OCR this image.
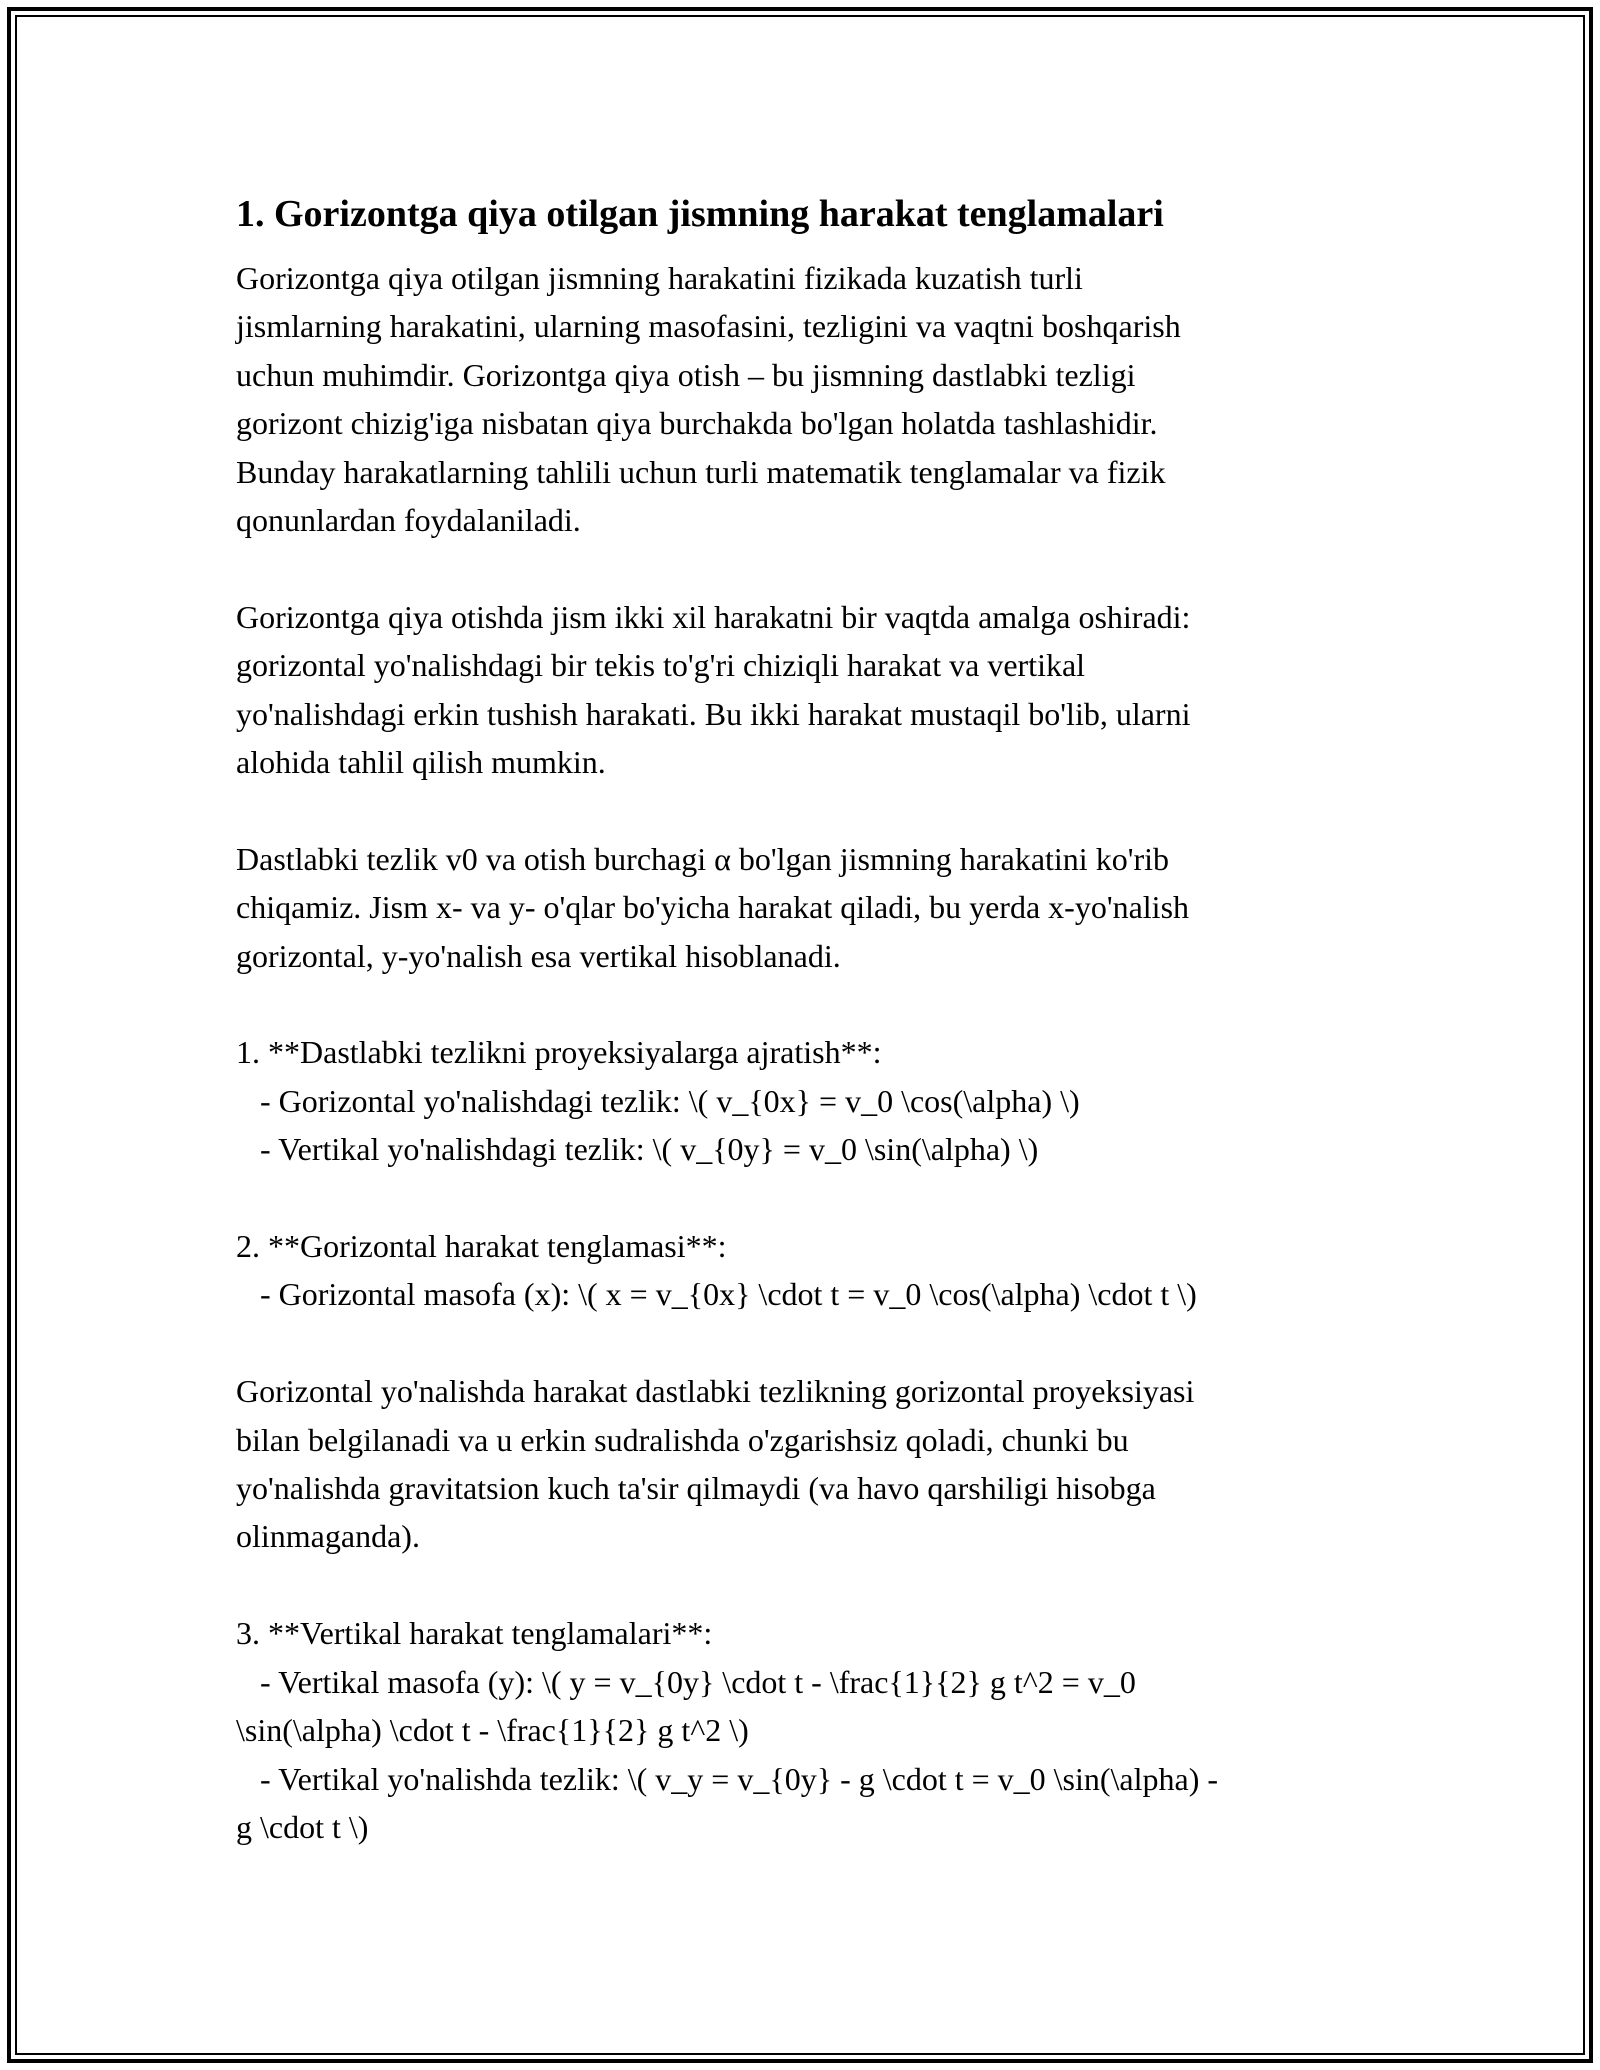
1. Gorizontga qiya otilgan jismning harakat tenglamalari

Gorizontga qiya otilgan jismning harakatini fizikada kuzatish turli
jismlarning harakatini, ularning masofasini, tezligini va vaqtni boshqarish
uchun muhimdir. Gorizontga qiya otish – bu jismning dastlabki tezligi
gorizont chizig'iga nisbatan qiya burchakda bo'lgan holatda tashlashidir.
Bunday harakatlarning tahlili uchun turli matematik tenglamalar va fizik
qonunlardan foydalaniladi.

Gorizontga qiya otishda jism ikki xil harakatni bir vaqtda amalga oshiradi:
gorizontal yo'nalishdagi bir tekis to'g'ri chiziqli harakat va vertikal
yo'nalishdagi erkin tushish harakati. Bu ikki harakat mustaqil bo'lib, ularni
alohida tahlil qilish mumkin.

Dastlabki tezlik v0 va otish burchagi α bo'lgan jismning harakatini ko'rib
chiqamiz. Jism x- va y- o'qlar bo'yicha harakat qiladi, bu yerda x-yo'nalish
gorizontal, y-yo'nalish esa vertikal hisoblanadi.

1. **Dastlabki tezlikni proyeksiyalarga ajratish**:
- Gorizontal yo'nalishdagi tezlik: \( v_{0x} = v_0 \cos(\alpha) \)
- Vertikal yo'nalishdagi tezlik: \( v_{0y} = v_0 \sin(\alpha) \)

2. **Gorizontal harakat tenglamasi**:
- Gorizontal masofa (x): \( x = v_{0x} \cdot t = v_0 \cos(\alpha) \cdot t \)

Gorizontal yo'nalishda harakat dastlabki tezlikning gorizontal proyeksiyasi
bilan belgilanadi va u erkin sudralishda o'zgarishsiz qoladi, chunki bu
yo'nalishda gravitatsion kuch ta'sir qilmaydi (va havo qarshiligi hisobga
olinmaganda).

3. **Vertikal harakat tenglamalari**:
- Vertikal masofa (y): \( y = v_{0y} \cdot t - \frac{1}{2} g t^2 = v_0
\sin(\alpha) \cdot t - \frac{1}{2} g t^2 \)
- Vertikal yo'nalishda tezlik: \( v_y = v_{0y} - g \cdot t = v_0 \sin(\alpha) -
g \cdot t \)
